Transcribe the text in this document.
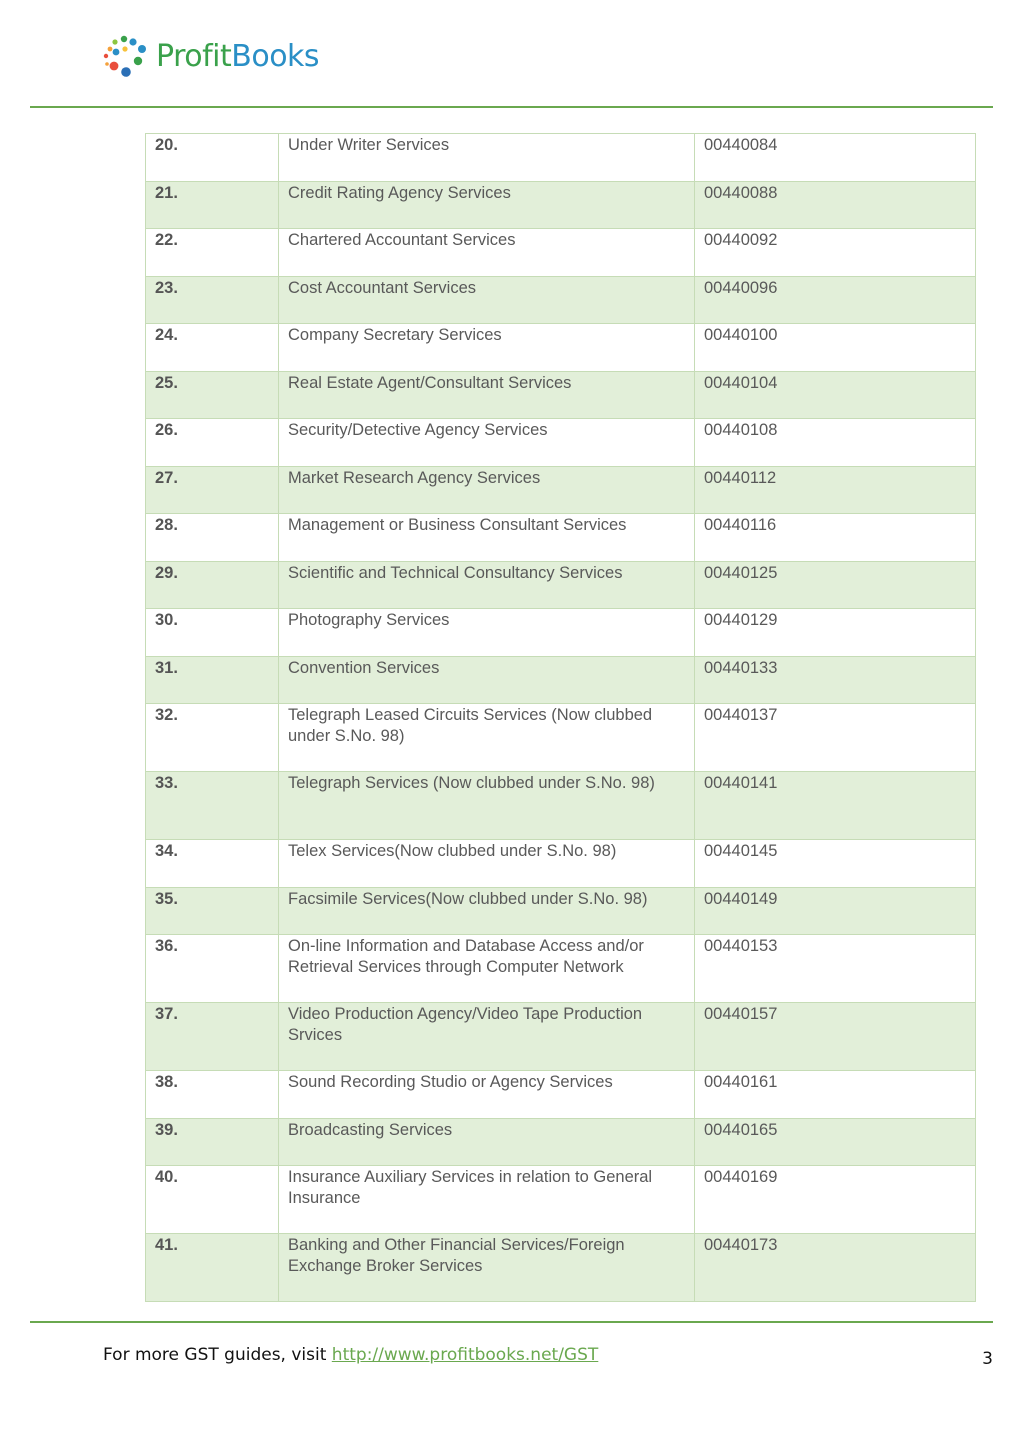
ProfitBooks
20.	Under Writer Services	00440084
21.	Credit Rating Agency Services	00440088
22.	Chartered Accountant Services	00440092
23.	Cost Accountant Services	00440096
24.	Company Secretary Services	00440100
25.	Real Estate Agent/Consultant Services	00440104
26.	Security/Detective Agency Services	00440108
27.	Market Research Agency Services	00440112
28.	Management or Business Consultant Services	00440116
29.	Scientific and Technical Consultancy Services	00440125
30.	Photography Services	00440129
31.	Convention Services	00440133
32.	Telegraph Leased Circuits Services (Now clubbed under S.No. 98)	00440137
33.	Telegraph Services (Now clubbed under S.No. 98)	00440141
34.	Telex Services(Now clubbed under S.No. 98)	00440145
35.	Facsimile Services(Now clubbed under S.No. 98)	00440149
36.	On-line Information and Database Access and/or Retrieval Services through Computer Network	00440153
37.	Video Production Agency/Video Tape Production Srvices	00440157
38.	Sound Recording Studio or Agency Services	00440161
39.	Broadcasting Services	00440165
40.	Insurance Auxiliary Services in relation to General Insurance	00440169
41.	Banking and Other Financial Services/Foreign Exchange Broker Services	00440173
For more GST guides, visit http://www.profitbooks.net/GST	3
